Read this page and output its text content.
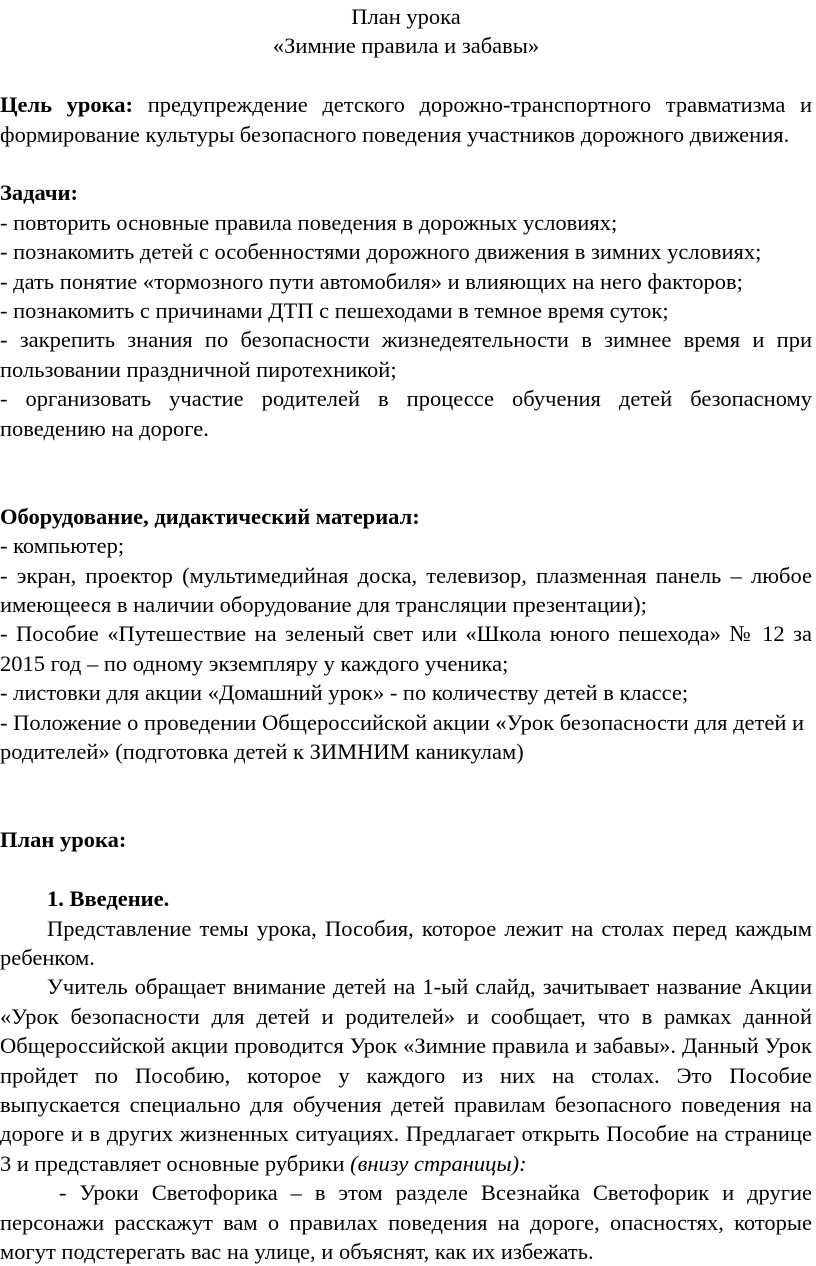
План урока
«Зимние правила и забавы»
Цель урока: предупреждение детского дорожно-транспортного травматизма и формирование культуры безопасного поведения участников дорожного движения.
Задачи:
- повторить основные правила поведения в дорожных условиях;
- познакомить детей с особенностями дорожного движения в зимних условиях;
- дать понятие «тормозного пути автомобиля» и влияющих на него факторов;
- познакомить с причинами ДТП с пешеходами в темное время суток;
- закрепить знания по безопасности жизнедеятельности в зимнее время и при пользовании праздничной пиротехникой;
- организовать участие родителей в процессе обучения детей безопасному поведению на дороге.
Оборудование, дидактический материал:
- компьютер;
- экран, проектор (мультимедийная доска, телевизор, плазменная панель – любое имеющееся в наличии оборудование для трансляции презентации);
- Пособие «Путешествие на зеленый свет или «Школа юного пешехода» № 12 за 2015 год – по одному экземпляру у каждого ученика;
- листовки для акции «Домашний урок» - по количеству детей в классе;
- Положение о проведении Общероссийской акции «Урок безопасности для детей и родителей» (подготовка детей к ЗИМНИМ каникулам)
План урока:
1. Введение.
Представление темы урока, Пособия, которое лежит на столах перед каждым ребенком.
Учитель обращает внимание детей на 1-ый слайд, зачитывает название Акции «Урок безопасности для детей и родителей» и сообщает, что в рамках данной Общероссийской акции проводится Урок «Зимние правила и забавы». Данный Урок пройдет по Пособию, которое у каждого из них на столах. Это Пособие выпускается специально для обучения детей правилам безопасного поведения на дороге и в других жизненных ситуациях. Предлагает открыть Пособие на странице 3 и представляет основные рубрики (внизу страницы):
- Уроки Светофорика – в этом разделе Всезнайка Светофорик и другие персонажи расскажут вам о правилах поведения на дороге, опасностях, которые могут подстерегать вас на улице, и объяснят, как их избежать.
